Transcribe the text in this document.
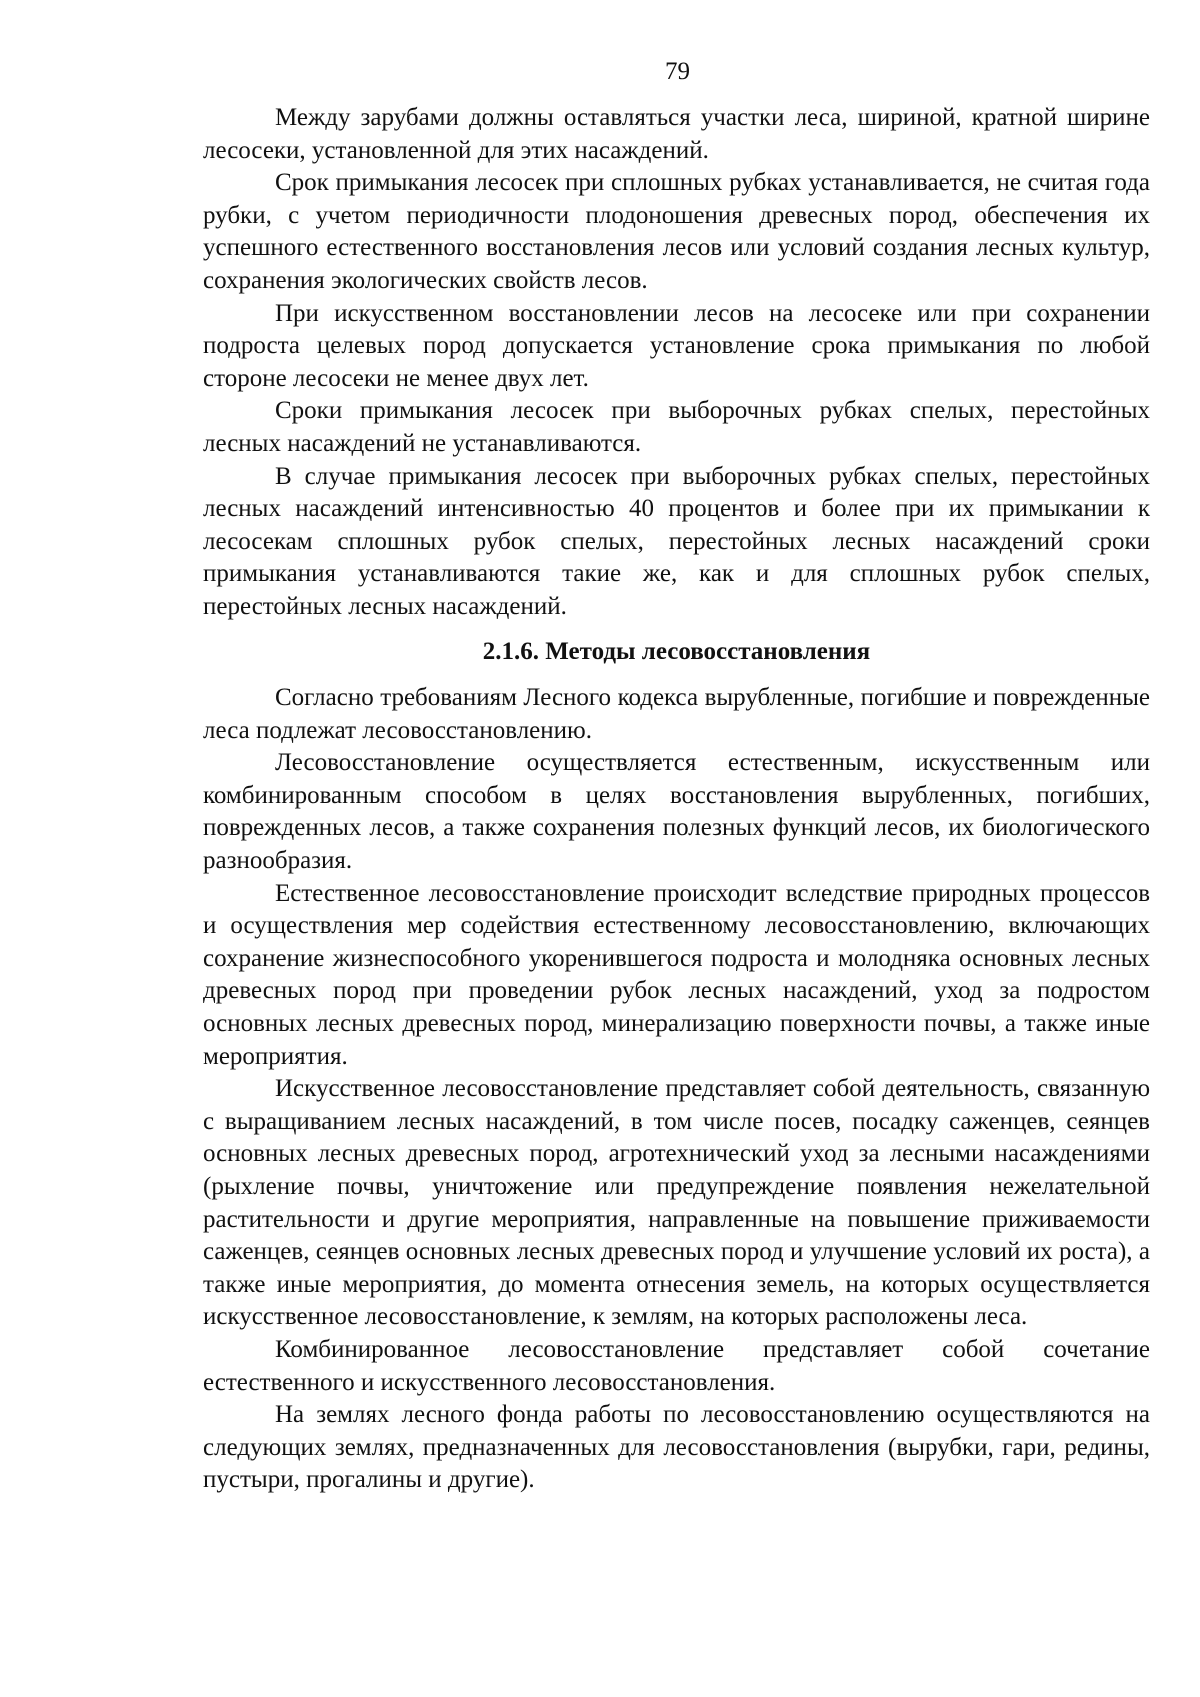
79

Между зарубами должны оставляться участки леса, шириной, кратной ширине лесосеки, установленной для этих насаждений.

Срок примыкания лесосек при сплошных рубках устанавливается, не считая года рубки, с учетом периодичности плодоношения древесных пород, обеспечения их успешного естественного восстановления лесов или условий создания лесных культур, сохранения экологических свойств лесов.

При искусственном восстановлении лесов на лесосеке или при сохранении подроста целевых пород допускается установление срока примыкания по любой стороне лесосеки не менее двух лет.

Сроки примыкания лесосек при выборочных рубках спелых, перестойных лесных насаждений не устанавливаются.

В случае примыкания лесосек при выборочных рубках спелых, перестойных лесных насаждений интенсивностью 40 процентов и более при их примыкании к лесосекам сплошных рубок спелых, перестойных лесных насаждений сроки примыкания устанавливаются такие же, как и для сплошных рубок спелых, перестойных лесных насаждений.

2.1.6. Методы лесовосстановления

Согласно требованиям Лесного кодекса вырубленные, погибшие и поврежденные леса подлежат лесовосстановлению.

Лесовосстановление осуществляется естественным, искусственным или комбинированным способом в целях восстановления вырубленных, погибших, поврежденных лесов, а также сохранения полезных функций лесов, их биологического разнообразия.

Естественное лесовосстановление происходит вследствие природных процессов и осуществления мер содействия естественному лесовосстановлению, включающих сохранение жизнеспособного укоренившегося подроста и молодняка основных лесных древесных пород при проведении рубок лесных насаждений, уход за подростом основных лесных древесных пород, минерализацию поверхности почвы, а также иные мероприятия.

Искусственное лесовосстановление представляет собой деятельность, связанную с выращиванием лесных насаждений, в том числе посев, посадку саженцев, сеянцев основных лесных древесных пород, агротехнический уход за лесными насаждениями (рыхление почвы, уничтожение или предупреждение появления нежелательной растительности и другие мероприятия, направленные на повышение приживаемости саженцев, сеянцев основных лесных древесных пород и улучшение условий их роста), а также иные мероприятия, до момента отнесения земель, на которых осуществляется искусственное лесовосстановление, к землям, на которых расположены леса.

Комбинированное лесовосстановление представляет собой сочетание естественного и искусственного лесовосстановления.

На землях лесного фонда работы по лесовосстановлению осуществляются на следующих землях, предназначенных для лесовосстановления (вырубки, гари, редины, пустыри, прогалины и другие).
